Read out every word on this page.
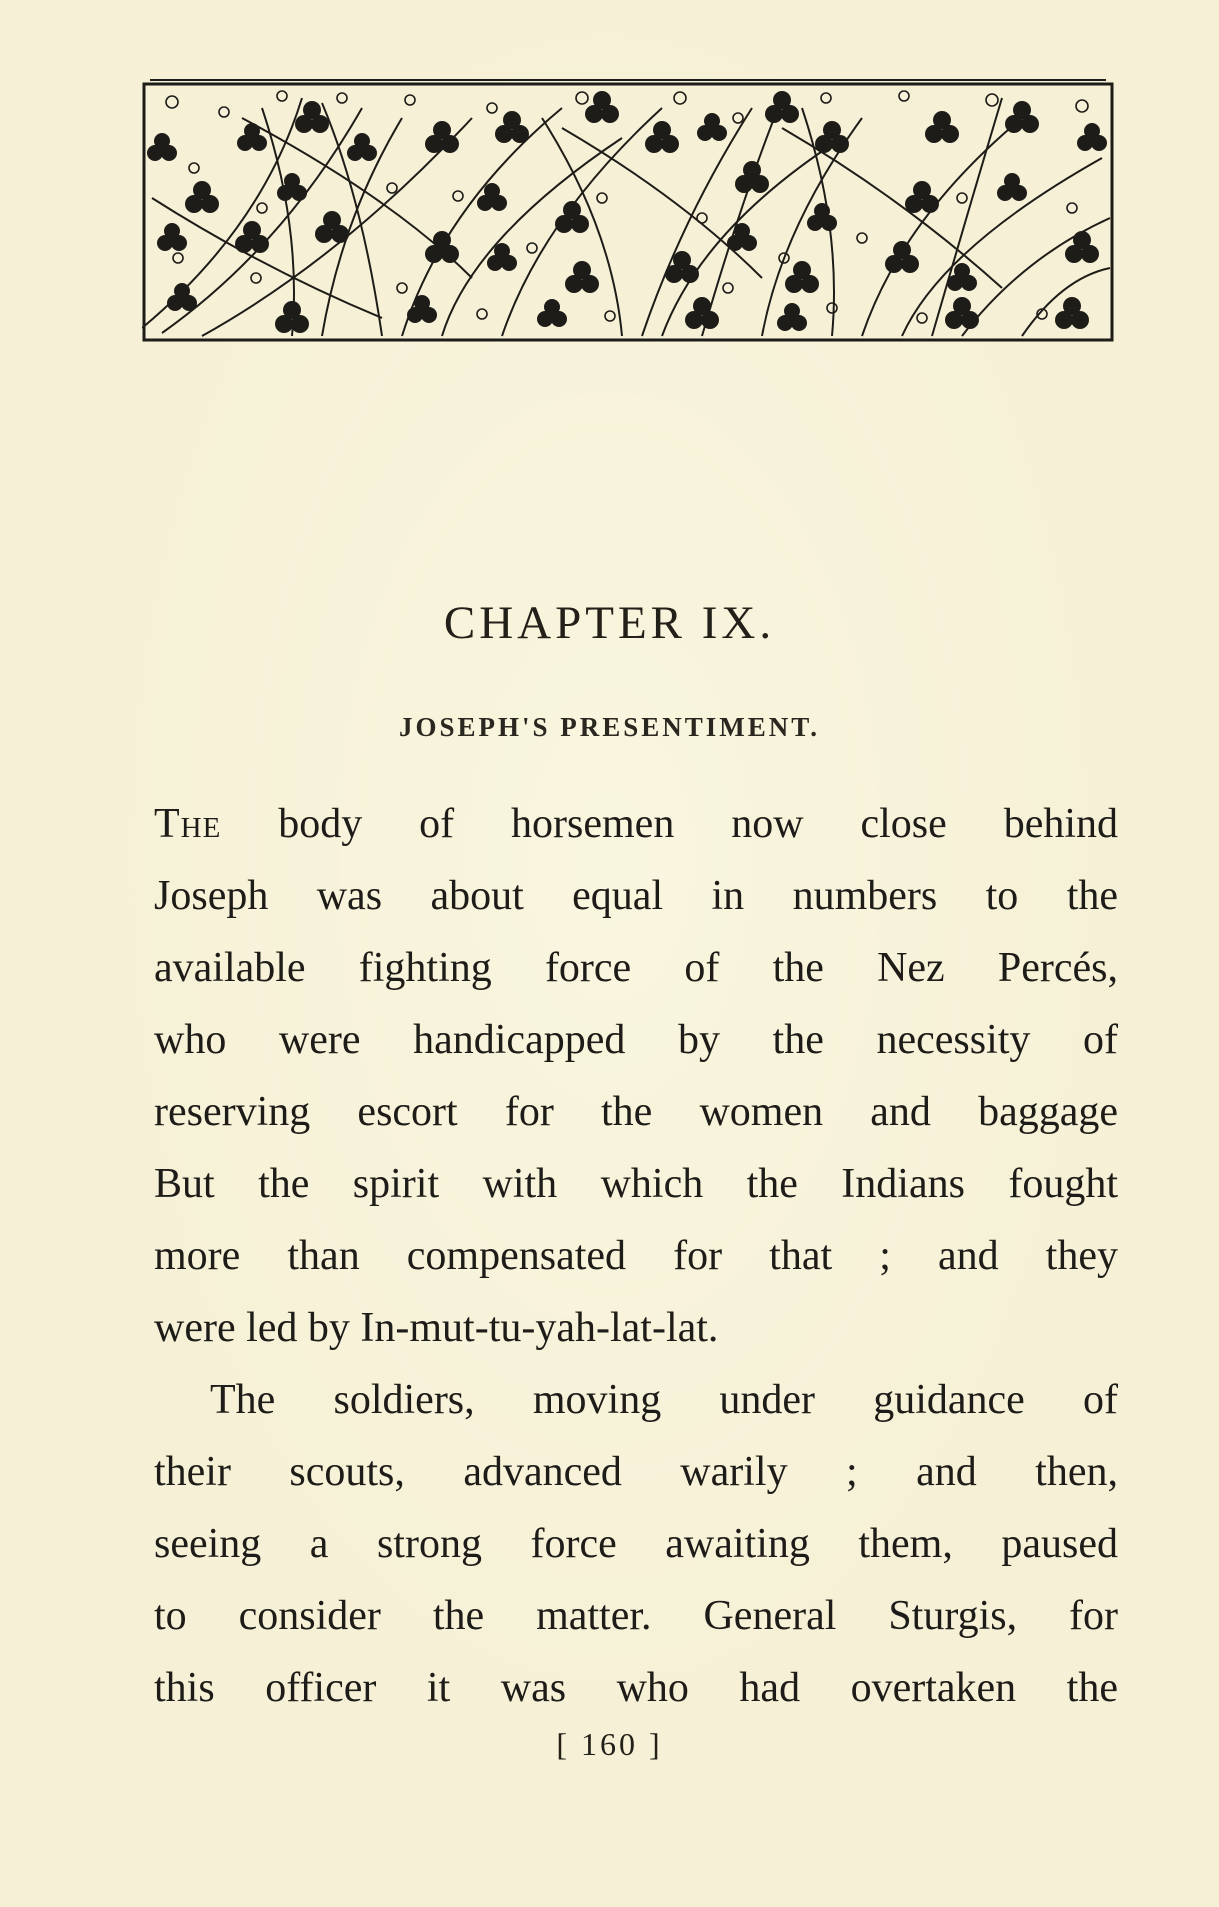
CHAPTER IX.
JOSEPH'S PRESENTIMENT.
The body of horsemen now close behind
Joseph was about equal in numbers to the
available fighting force of the Nez Percés,
who were handicapped by the necessity of
reserving escort for the women and baggage
But the spirit with which the Indians fought
more than compensated for that ; and they
were led by In-mut-tu-yah-lat-lat.
The soldiers, moving under guidance of
their scouts, advanced warily ; and then,
seeing a strong force awaiting them, paused
to consider the matter. General Sturgis, for
this officer it was who had overtaken the
[ 160 ]
